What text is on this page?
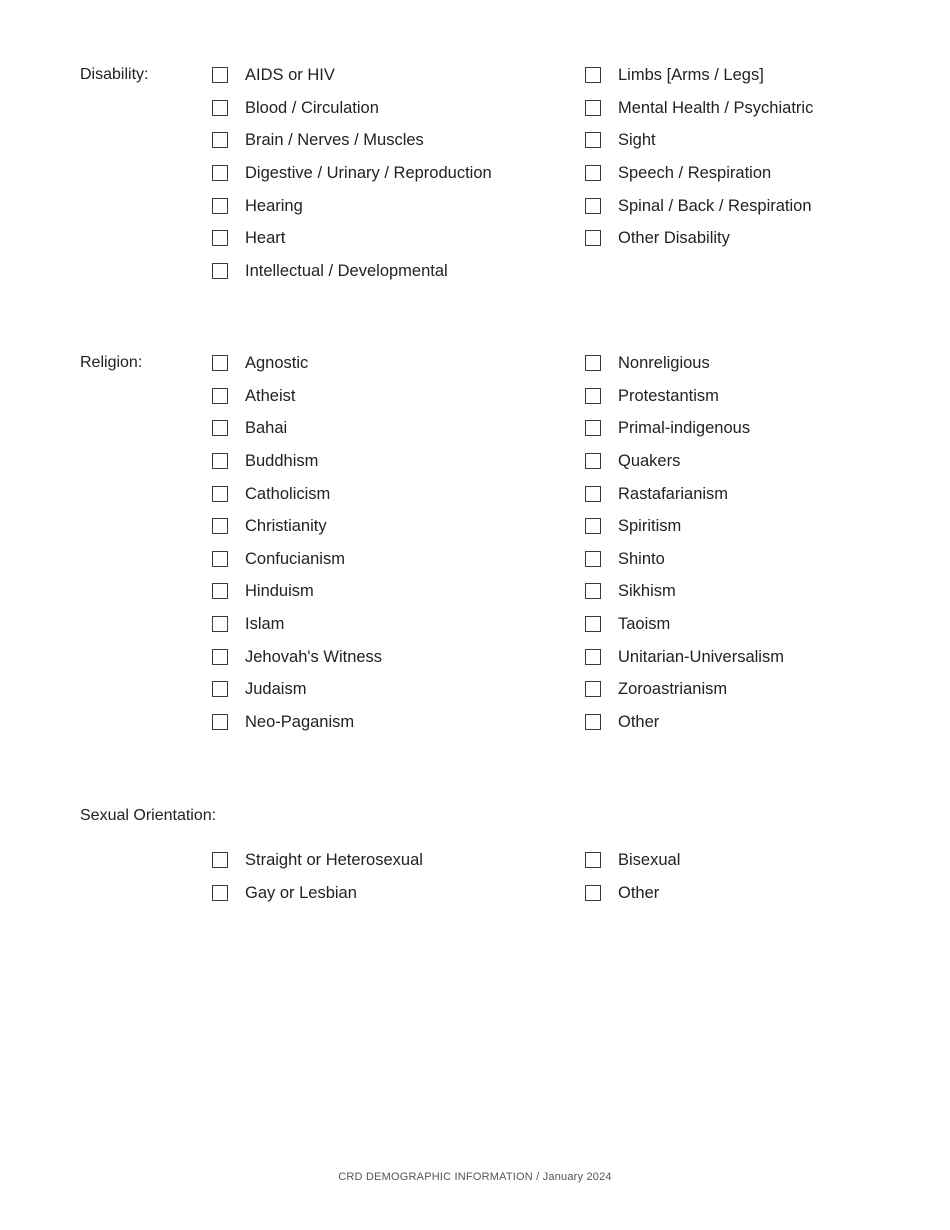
Disability:	AIDS or HIV
Blood / Circulation
Brain / Nerves / Muscles
Digestive / Urinary / Reproduction
Hearing
Heart
Intellectual / Developmental
Limbs [Arms / Legs]
Mental Health / Psychiatric
Sight
Speech / Respiration
Spinal / Back / Respiration
Other Disability
Religion:	Agnostic
Atheist
Bahai
Buddhism
Catholicism
Christianity
Confucianism
Hinduism
Islam
Jehovah's Witness
Judaism
Neo-Paganism
Nonreligious
Protestantism
Primal-indigenous
Quakers
Rastafarianism
Spiritism
Shinto
Sikhism
Taoism
Unitarian-Universalism
Zoroastrianism
Other
Sexual Orientation:
Straight or Heterosexual
Gay or Lesbian
Bisexual
Other
CRD DEMOGRAPHIC INFORMATION / January 2024
